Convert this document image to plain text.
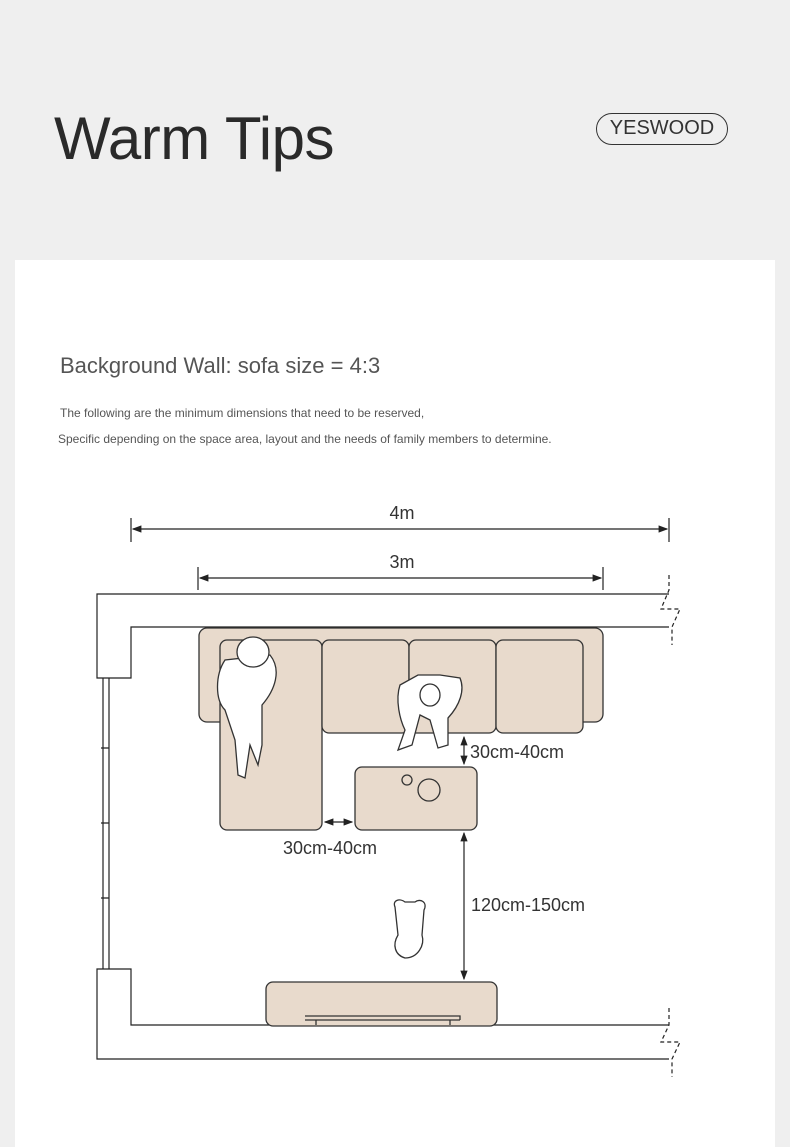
Warm Tips	YESWOOD
Background Wall: sofa size = 4:3
The following are the minimum dimensions that need to be reserved,
Specific depending on the space area, layout and the needs of family members to determine.
4m
3m
30cm-40cm
30cm-40cm
120cm-150cm
